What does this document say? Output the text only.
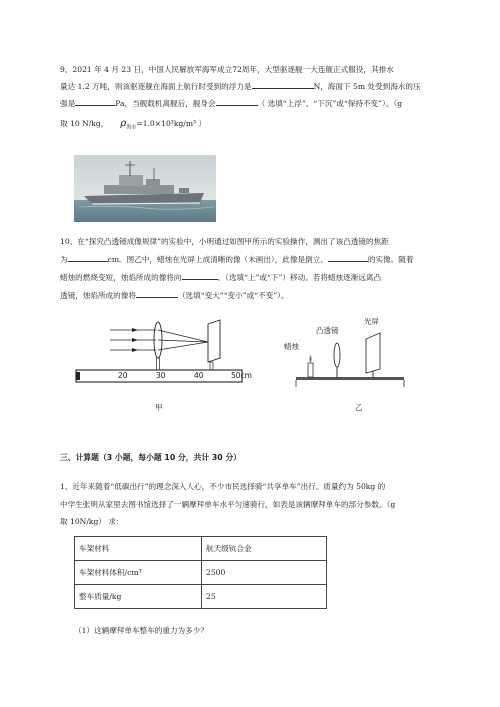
9、2021 年 4 月 23 日，中国人民解放军海军成立72周年，大型驱逐舰一大连舰正式服役，其排水

量达 1.2 万吨，则该驱逐舰在海面上航行时受到的浮力是	N，海面下 5m 处受到海水的压

强是	Pa，当舰载机离舰后，舰身会	（ 选填“上浮”、“下沉”或“保持不变”）。（g

取 10 N/kg， $\rho_{海水}=1.0\times 10^3kg/m^3$ ）

10、在“探究凸透镜成像规律”的实验中，小明通过如图甲所示的实验操作，测出了该凸透镜的焦距

为	cm。图乙中，蜡烛在光屏上成清晰的像（未画出），此像是倒立、	的实像。随着

蜡烛的燃烧变短，烛焰所成的像将向	。（选填“上”或“下”）移动。若将蜡烛逐渐远离凸

透镜，烛焰所成的像将	（选填“变大”“变小”或“不变”）。

20	30	40	50cm
甲
凸透镜
光屏
蜡烛
乙
三、计算题（3 小题，每小题 10 分，共计 30 分）

1、近年来随着“低碳出行”的理念深入人心，不少市民选择骑“共享单车”出行。质量约为 50kg 的

中学生张明从家里去图书馆选择了一辆摩拜单车水平匀速骑行，如表是该辆摩拜单车的部分参数。（g

取 10N/kg） 求：

车架材料	航天级钪合金
车架材料体积/cm³	2500
整车质量/kg	25

（1）这辆摩拜单车整车的重力为多少？
